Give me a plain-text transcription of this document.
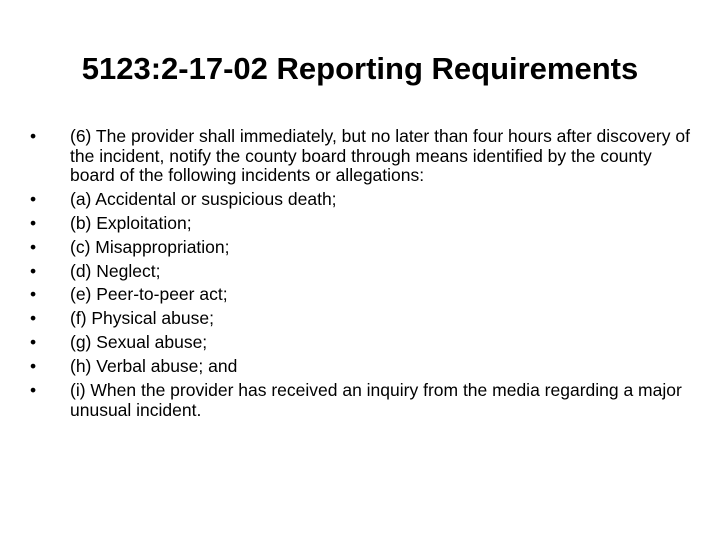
5123:2-17-02 Reporting Requirements
•	(6) The provider shall immediately, but no later than four hours after discovery of the incident, notify the county board through means identified by the county board of the following incidents or allegations:
•	(a) Accidental or suspicious death;
•	(b) Exploitation;
•	(c) Misappropriation;
•	(d) Neglect;
•	(e) Peer-to-peer act;
•	(f) Physical abuse;
•	(g) Sexual abuse;
•	(h) Verbal abuse; and
•	(i) When the provider has received an inquiry from the media regarding a major unusual incident.
